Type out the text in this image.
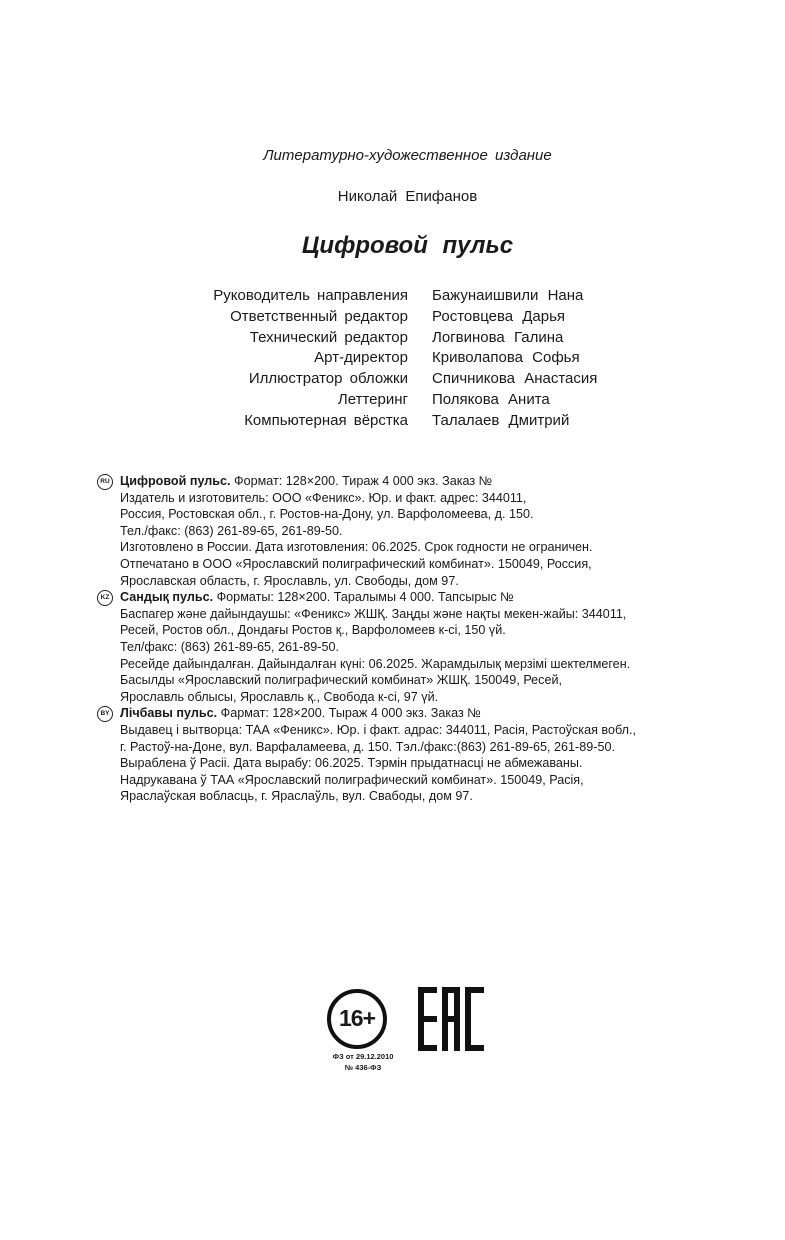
Литературно-художественное издание
Николай Епифанов
Цифровой пульс
Руководитель направления Бажунаишвили Нана
Ответственный редактор Ростовцева Дарья
Технический редактор Логвинова Галина
Арт-директор Криволапова Софья
Иллюстратор обложки Спичникова Анастасия
Леттеринг Полякова Анита
Компьютерная вёрстка Талалаев Дмитрий
RU Цифровой пульс. Формат: 128×200. Тираж 4 000 экз. Заказ №
Издатель и изготовитель: ООО «Феникс». Юр. и факт. адрес: 344011,
Россия, Ростовская обл., г. Ростов-на-Дону, ул. Варфоломеева, д. 150.
Тел./факс: (863) 261-89-65, 261-89-50.
Изготовлено в России. Дата изготовления: 06.2025. Срок годности не ограничен.
Отпечатано в ООО «Ярославский полиграфический комбинат». 150049, Россия,
Ярославская область, г. Ярославль, ул. Свободы, дом 97.
KZ Сандық пульс. Форматы: 128×200. Таралымы 4 000. Тапсырыс №
Баспагер және дайындаушы: «Феникс» ЖШҚ. Заңды және нақты мекен-жайы: 344011,
Ресей, Ростов обл., Дондағы Ростов қ., Варфоломеев к-сі, 150 үй.
Тел/факс: (863) 261-89-65, 261-89-50.
Ресейде дайындалған. Дайындалған күні: 06.2025. Жарамдылық мерзімі шектелмеген.
Басылды «Ярославский полиграфический комбинат» ЖШҚ. 150049, Ресей,
Ярославль облысы, Ярославль қ., Свобода к-сі, 97 үй.
BY Лічбавы пульс. Фармат: 128×200. Тыраж 4 000 экз. Заказ №
Выдавец і вытворца: ТАА «Феникс». Юр. і факт. адрас: 344011, Расія, Растоўская вобл.,
г. Растоў-на-Доне, вул. Варфаламеева, д. 150. Тэл./факс:(863) 261-89-65, 261-89-50.
Выраблена ў Расіі. Дата вырабу: 06.2025. Тэрмін прыдатнасці не абмежаваны.
Надрукавана ў ТАА «Ярославский полиграфический комбинат». 150049, Расія,
Яраслаўская вобласць, г. Яраслаўль, вул. Свабоды, дом 97.
16+
ФЗ от 29.12.2010
№ 436-ФЗ
